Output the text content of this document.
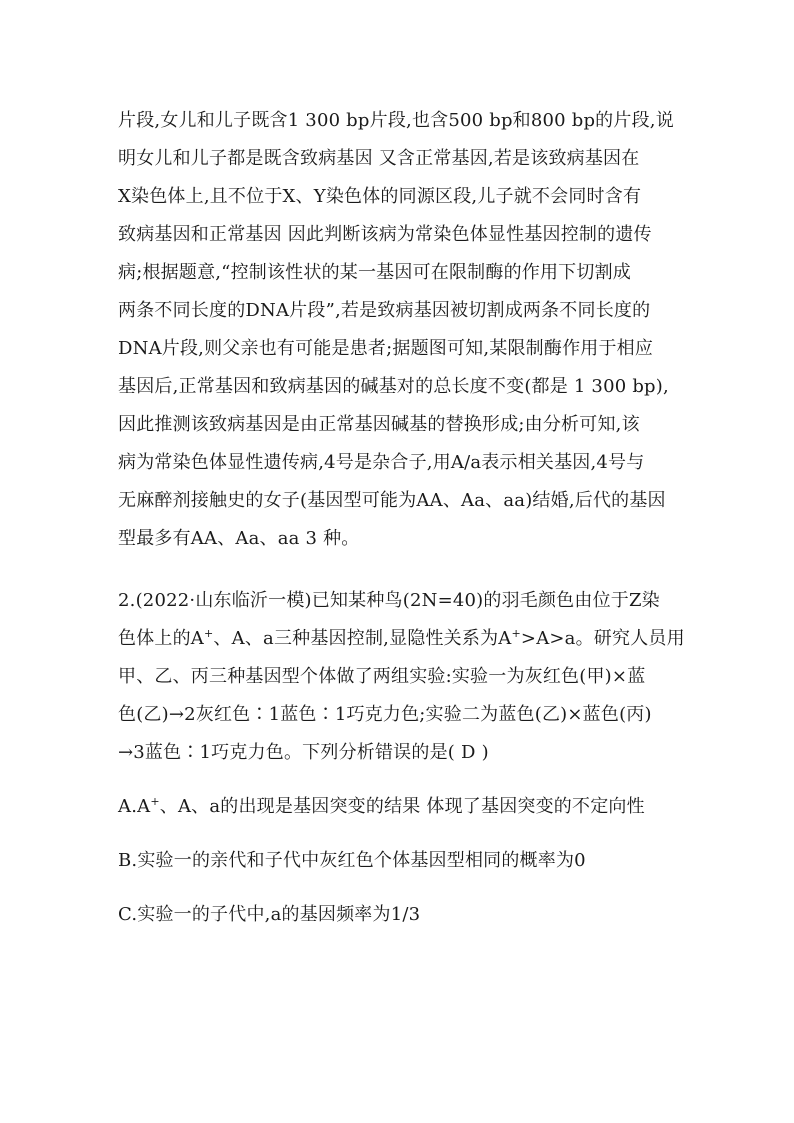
片段,女儿和儿子既含1 300 bp片段,也含500 bp和800 bp的片段,说
明女儿和儿子都是既含致病基因 又含正常基因,若是该致病基因在
X染色体上,且不位于X、Y染色体的同源区段,儿子就不会同时含有
致病基因和正常基因 因此判断该病为常染色体显性基因控制的遗传
病;根据题意,“控制该性状的某一基因可在限制酶的作用下切割成
两条不同长度的DNA片段”,若是致病基因被切割成两条不同长度的
DNA片段,则父亲也有可能是患者;据题图可知,某限制酶作用于相应
基因后,正常基因和致病基因的碱基对的总长度不变(都是 1 300 bp),
因此推测该致病基因是由正常基因碱基的替换形成;由分析可知,该
病为常染色体显性遗传病,4号是杂合子,用A/a表示相关基因,4号与
无麻醉剂接触史的女子(基因型可能为AA、Aa、aa)结婚,后代的基因
型最多有AA、Aa、aa 3 种。
2.(2022·山东临沂一模)已知某种鸟(2N=40)的羽毛颜色由位于Z染
色体上的A+、A、a三种基因控制,显隐性关系为A+>A>a。研究人员用
甲、乙、丙三种基因型个体做了两组实验:实验一为灰红色(甲)×蓝
色(乙)→2灰红色∶1蓝色∶1巧克力色;实验二为蓝色(乙)×蓝色(丙)
→3蓝色∶1巧克力色。下列分析错误的是( D )
A.A+、A、a的出现是基因突变的结果 体现了基因突变的不定向性
B.实验一的亲代和子代中灰红色个体基因型相同的概率为0
C.实验一的子代中,a的基因频率为1/3
